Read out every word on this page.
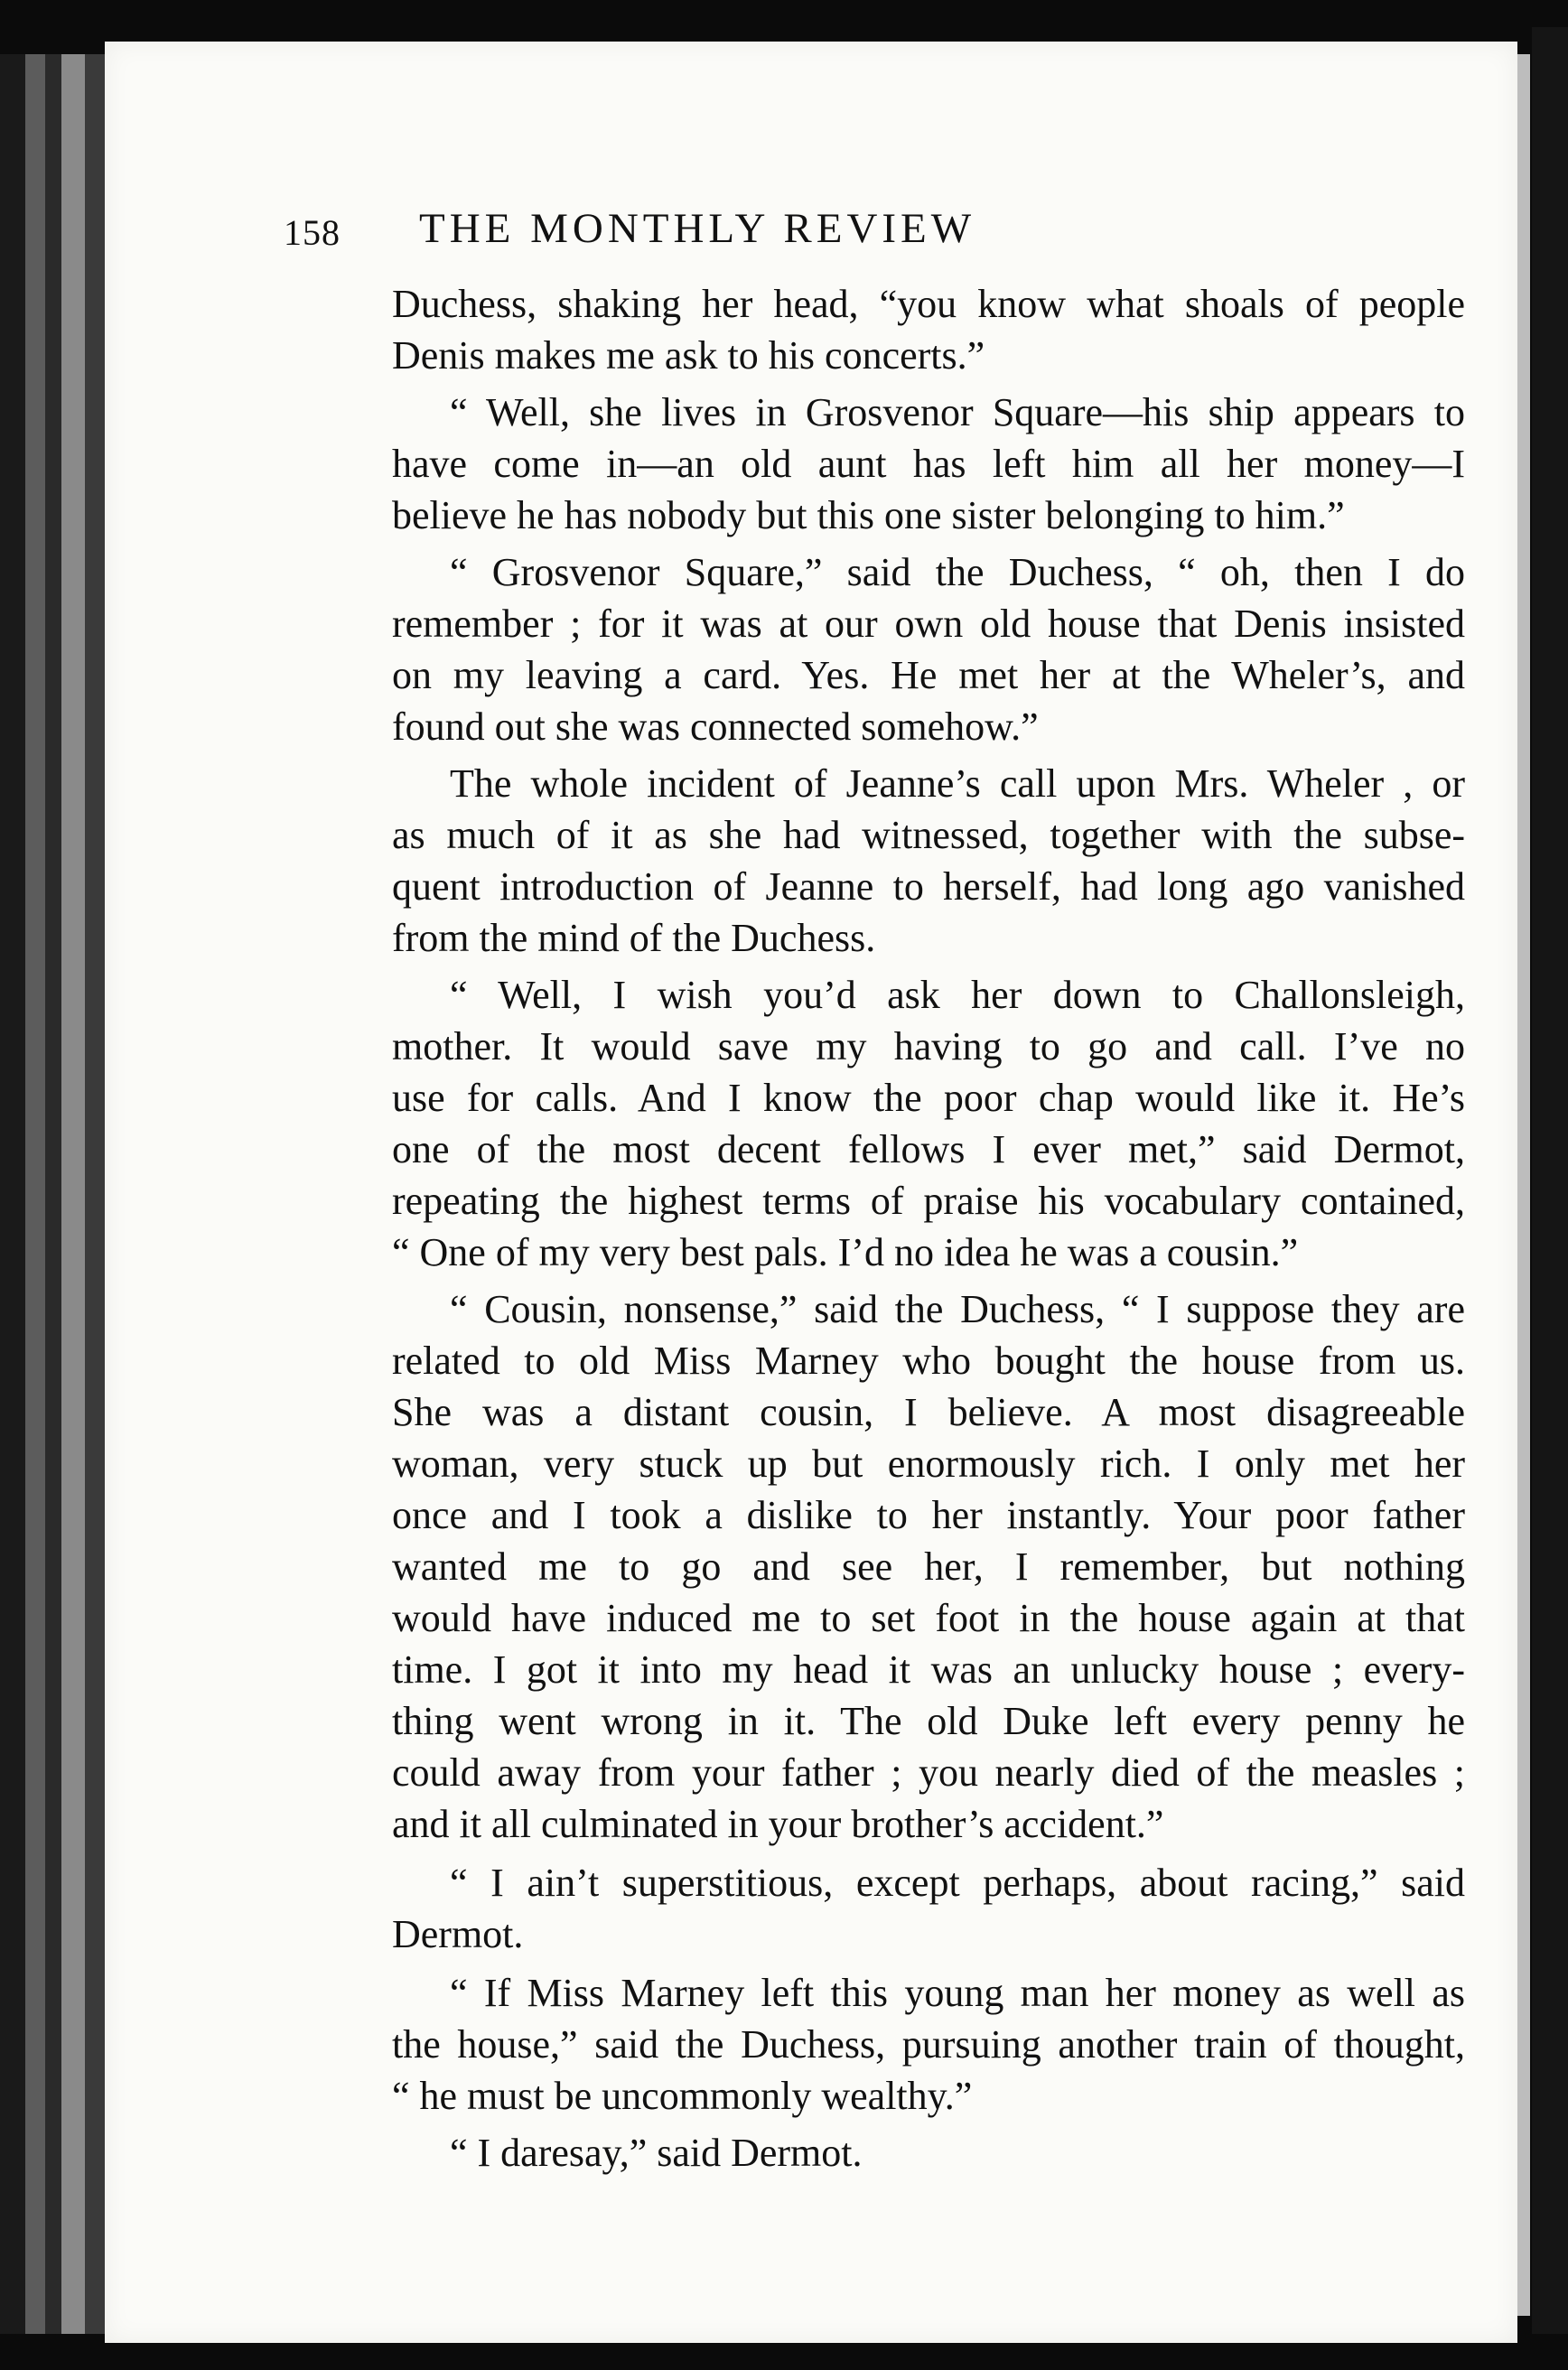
158 THE MONTHLY REVIEW
Duchess, shaking her head, “you know what shoals of people
Denis makes me ask to his concerts.”
“ Well, she lives in Grosvenor Square—his ship appears to
have come in—an old aunt has left him all her money—I
believe he has nobody but this one sister belonging to him.”
“ Grosvenor Square,” said the Duchess, “ oh, then I do
remember ; for it was at our own old house that Denis insisted
on my leaving a card. Yes. He met her at the Wheler’s, and
found out she was connected somehow.”
The whole incident of Jeanne’s call upon Mrs. Wheler , or
as much of it as she had witnessed, together with the subse-
quent introduction of Jeanne to herself, had long ago vanished
from the mind of the Duchess.
“ Well, I wish you’d ask her down to Challonsleigh,
mother. It would save my having to go and call. I’ve no
use for calls. And I know the poor chap would like it. He’s
one of the most decent fellows I ever met,” said Dermot,
repeating the highest terms of praise his vocabulary contained,
“ One of my very best pals. I’d no idea he was a cousin.”
“ Cousin, nonsense,” said the Duchess, “ I suppose they are
related to old Miss Marney who bought the house from us.
She was a distant cousin, I believe. A most disagreeable
woman, very stuck up but enormously rich. I only met her
once and I took a dislike to her instantly. Your poor father
wanted me to go and see her, I remember, but nothing
would have induced me to set foot in the house again at that
time. I got it into my head it was an unlucky house ; every-
thing went wrong in it. The old Duke left every penny he
could away from your father ; you nearly died of the measles ;
and it all culminated in your brother’s accident.”
“ I ain’t superstitious, except perhaps, about racing,” said
Dermot.
“ If Miss Marney left this young man her money as well as
the house,” said the Duchess, pursuing another train of thought,
“ he must be uncommonly wealthy.”
“ I daresay,” said Dermot.
